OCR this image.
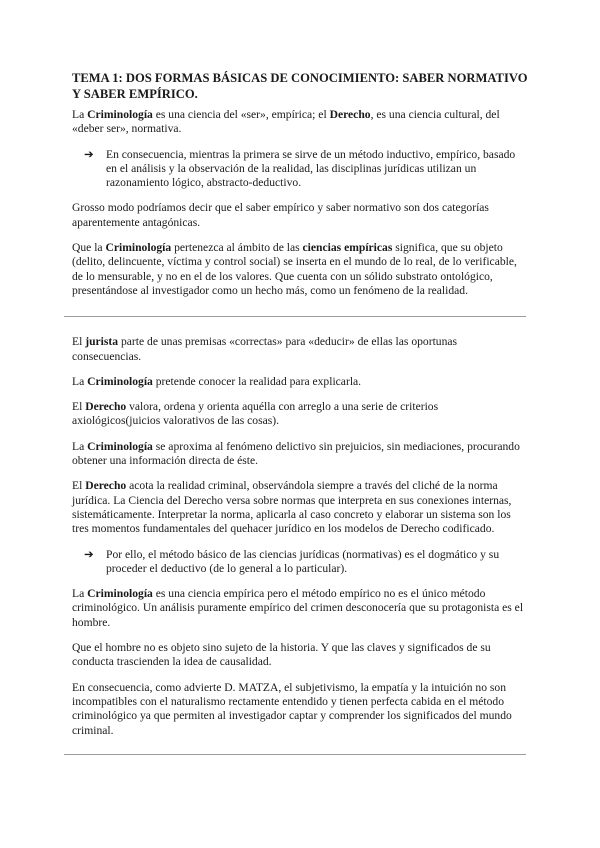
TEMA 1: DOS FORMAS BÁSICAS DE CONOCIMIENTO: SABER NORMATIVO Y SABER EMPÍRICO.

La Criminología es una ciencia del «ser», empírica; el Derecho, es una ciencia cultural, del «deber ser», normativa.

➔	En consecuencia, mientras la primera se sirve de un método inductivo, empírico, basado en el análisis y la observación de la realidad, las disciplinas jurídicas utilizan un razonamiento lógico, abstracto-deductivo.

Grosso modo podríamos decir que el saber empírico y saber normativo son dos categorías aparentemente antagónicas.

Que la Criminología pertenezca al ámbito de las ciencias empíricas significa, que su objeto (delito, delincuente, víctima y control social) se inserta en el mundo de lo real, de lo verificable, de lo mensurable, y no en el de los valores. Que cuenta con un sólido substrato ontológico, presentándose al investigador como un hecho más, como un fenómeno de la realidad.

El jurista parte de unas premisas «correctas» para «deducir» de ellas las oportunas consecuencias.

La Criminología pretende conocer la realidad para explicarla.

El Derecho valora, ordena y orienta aquélla con arreglo a una serie de criterios axiológicos(juicios valorativos de las cosas).

La Criminología se aproxima al fenómeno delictivo sin prejuicios, sin mediaciones, procurando obtener una información directa de éste.

El Derecho acota la realidad criminal, observándola siempre a través del cliché de la norma jurídica. La Ciencia del Derecho versa sobre normas que interpreta en sus conexiones internas, sistemáticamente. Interpretar la norma, aplicarla al caso concreto y elaborar un sistema son los tres momentos fundamentales del quehacer jurídico en los modelos de Derecho codificado.

➔	Por ello, el método básico de las ciencias jurídicas (normativas) es el dogmático y su proceder el deductivo (de lo general a lo particular).

La Criminología es una ciencia empírica pero el método empírico no es el único método criminológico. Un análisis puramente empírico del crimen desconocería que su protagonista es el hombre.

Que el hombre no es objeto sino sujeto de la historia. Y que las claves y significados de su conducta trascienden la idea de causalidad.

En consecuencia, como advierte D. MATZA, el subjetivismo, la empatía y la intuición no son incompatibles con el naturalismo rectamente entendido y tienen perfecta cabida en el método criminológico ya que permiten al investigador captar y comprender los significados del mundo criminal.
